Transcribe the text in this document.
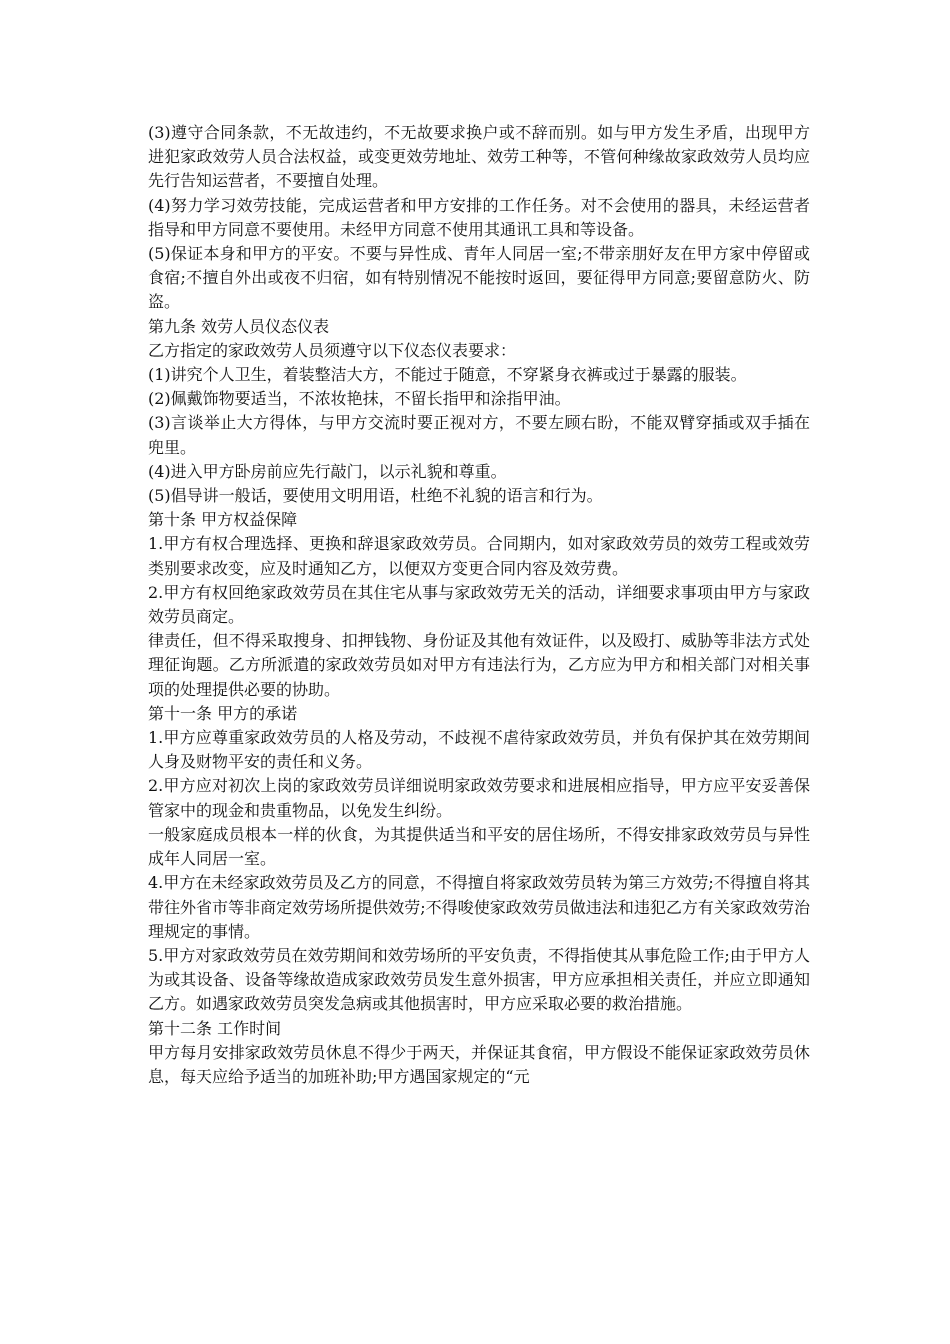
(3)遵守合同条款，不无故违约，不无故要求换户或不辞而别。如与甲方发生矛盾，出现甲方进犯家政效劳人员合法权益，或变更效劳地址、效劳工种等，不管何种缘故家政效劳人员均应先行告知运营者，不要擅自处理。

(4)努力学习效劳技能，完成运营者和甲方安排的工作任务。对不会使用的器具，未经运营者指导和甲方同意不要使用。未经甲方同意不使用其通讯工具和等设备。

(5)保证本身和甲方的平安。不要与异性成、青年人同居一室;不带亲朋好友在甲方家中停留或食宿;不擅自外出或夜不归宿，如有特别情况不能按时返回，要征得甲方同意;要留意防火、防盗。

第九条 效劳人员仪态仪表

乙方指定的家政效劳人员须遵守以下仪态仪表要求：

(1)讲究个人卫生，着装整洁大方，不能过于随意，不穿紧身衣裤或过于暴露的服装。

(2)佩戴饰物要适当，不浓妆艳抹，不留长指甲和涂指甲油。

(3)言谈举止大方得体，与甲方交流时要正视对方，不要左顾右盼，不能双臂穿插或双手插在兜里。

(4)进入甲方卧房前应先行敲门，以示礼貌和尊重。

(5)倡导讲一般话，要使用文明用语，杜绝不礼貌的语言和行为。

第十条 甲方权益保障

1.甲方有权合理选择、更换和辞退家政效劳员。合同期内，如对家政效劳员的效劳工程或效劳类别要求改变，应及时通知乙方，以便双方变更合同内容及效劳费。

2.甲方有权回绝家政效劳员在其住宅从事与家政效劳无关的活动，详细要求事项由甲方与家政效劳员商定。

律责任，但不得采取搜身、扣押钱物、身份证及其他有效证件，以及殴打、威胁等非法方式处理征询题。乙方所派遣的家政效劳员如对甲方有违法行为，乙方应为甲方和相关部门对相关事项的处理提供必要的协助。

第十一条 甲方的承诺

1.甲方应尊重家政效劳员的人格及劳动，不歧视不虐待家政效劳员，并负有保护其在效劳期间人身及财物平安的责任和义务。

2.甲方应对初次上岗的家政效劳员详细说明家政效劳要求和进展相应指导，甲方应平安妥善保管家中的现金和贵重物品，以免发生纠纷。

一般家庭成员根本一样的伙食，为其提供适当和平安的居住场所，不得安排家政效劳员与异性成年人同居一室。

4.甲方在未经家政效劳员及乙方的同意，不得擅自将家政效劳员转为第三方效劳;不得擅自将其带往外省市等非商定效劳场所提供效劳;不得唆使家政效劳员做违法和违犯乙方有关家政效劳治理规定的事情。

5.甲方对家政效劳员在效劳期间和效劳场所的平安负责，不得指使其从事危险工作;由于甲方人为或其设备、设备等缘故造成家政效劳员发生意外损害，甲方应承担相关责任，并应立即通知乙方。如遇家政效劳员突发急病或其他损害时，甲方应采取必要的救治措施。

第十二条 工作时间

甲方每月安排家政效劳员休息不得少于两天，并保证其食宿，甲方假设不能保证家政效劳员休息，每天应给予适当的加班补助;甲方遇国家规定的“元
